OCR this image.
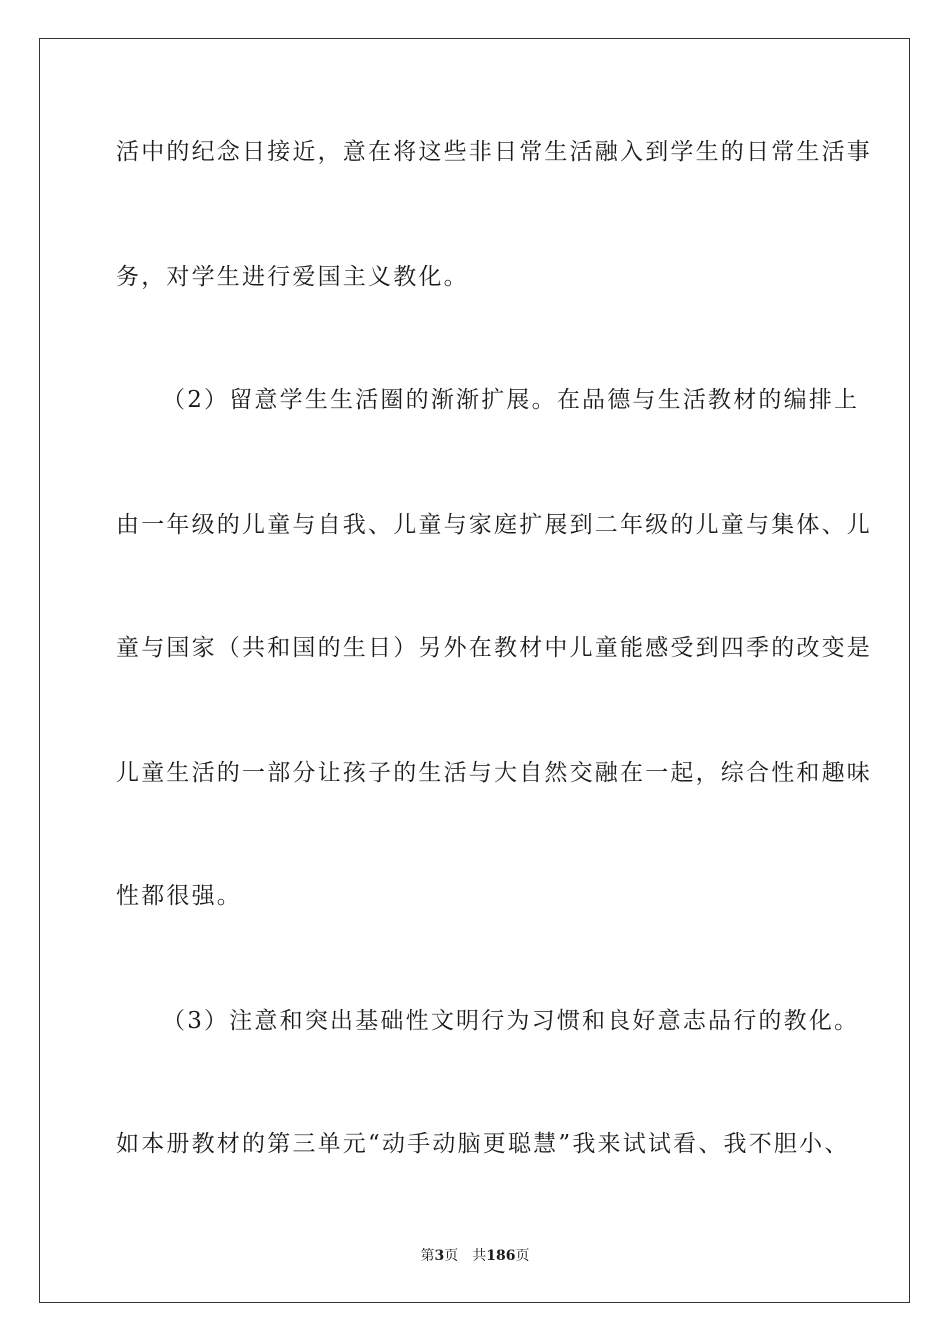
活中的纪念日接近，意在将这些非日常生活融入到学生的日常生活事
务，对学生进行爱国主义教化。
（2）留意学生生活圈的渐渐扩展。在品德与生活教材的编排上
由一年级的儿童与自我、儿童与家庭扩展到二年级的儿童与集体、儿
童与国家（共和国的生日）另外在教材中儿童能感受到四季的改变是
儿童生活的一部分让孩子的生活与大自然交融在一起，综合性和趣味
性都很强。
（3）注意和突出基础性文明行为习惯和良好意志品行的教化。
如本册教材的第三单元“动手动脑更聪慧”我来试试看、我不胆小、
第3页 共186页
